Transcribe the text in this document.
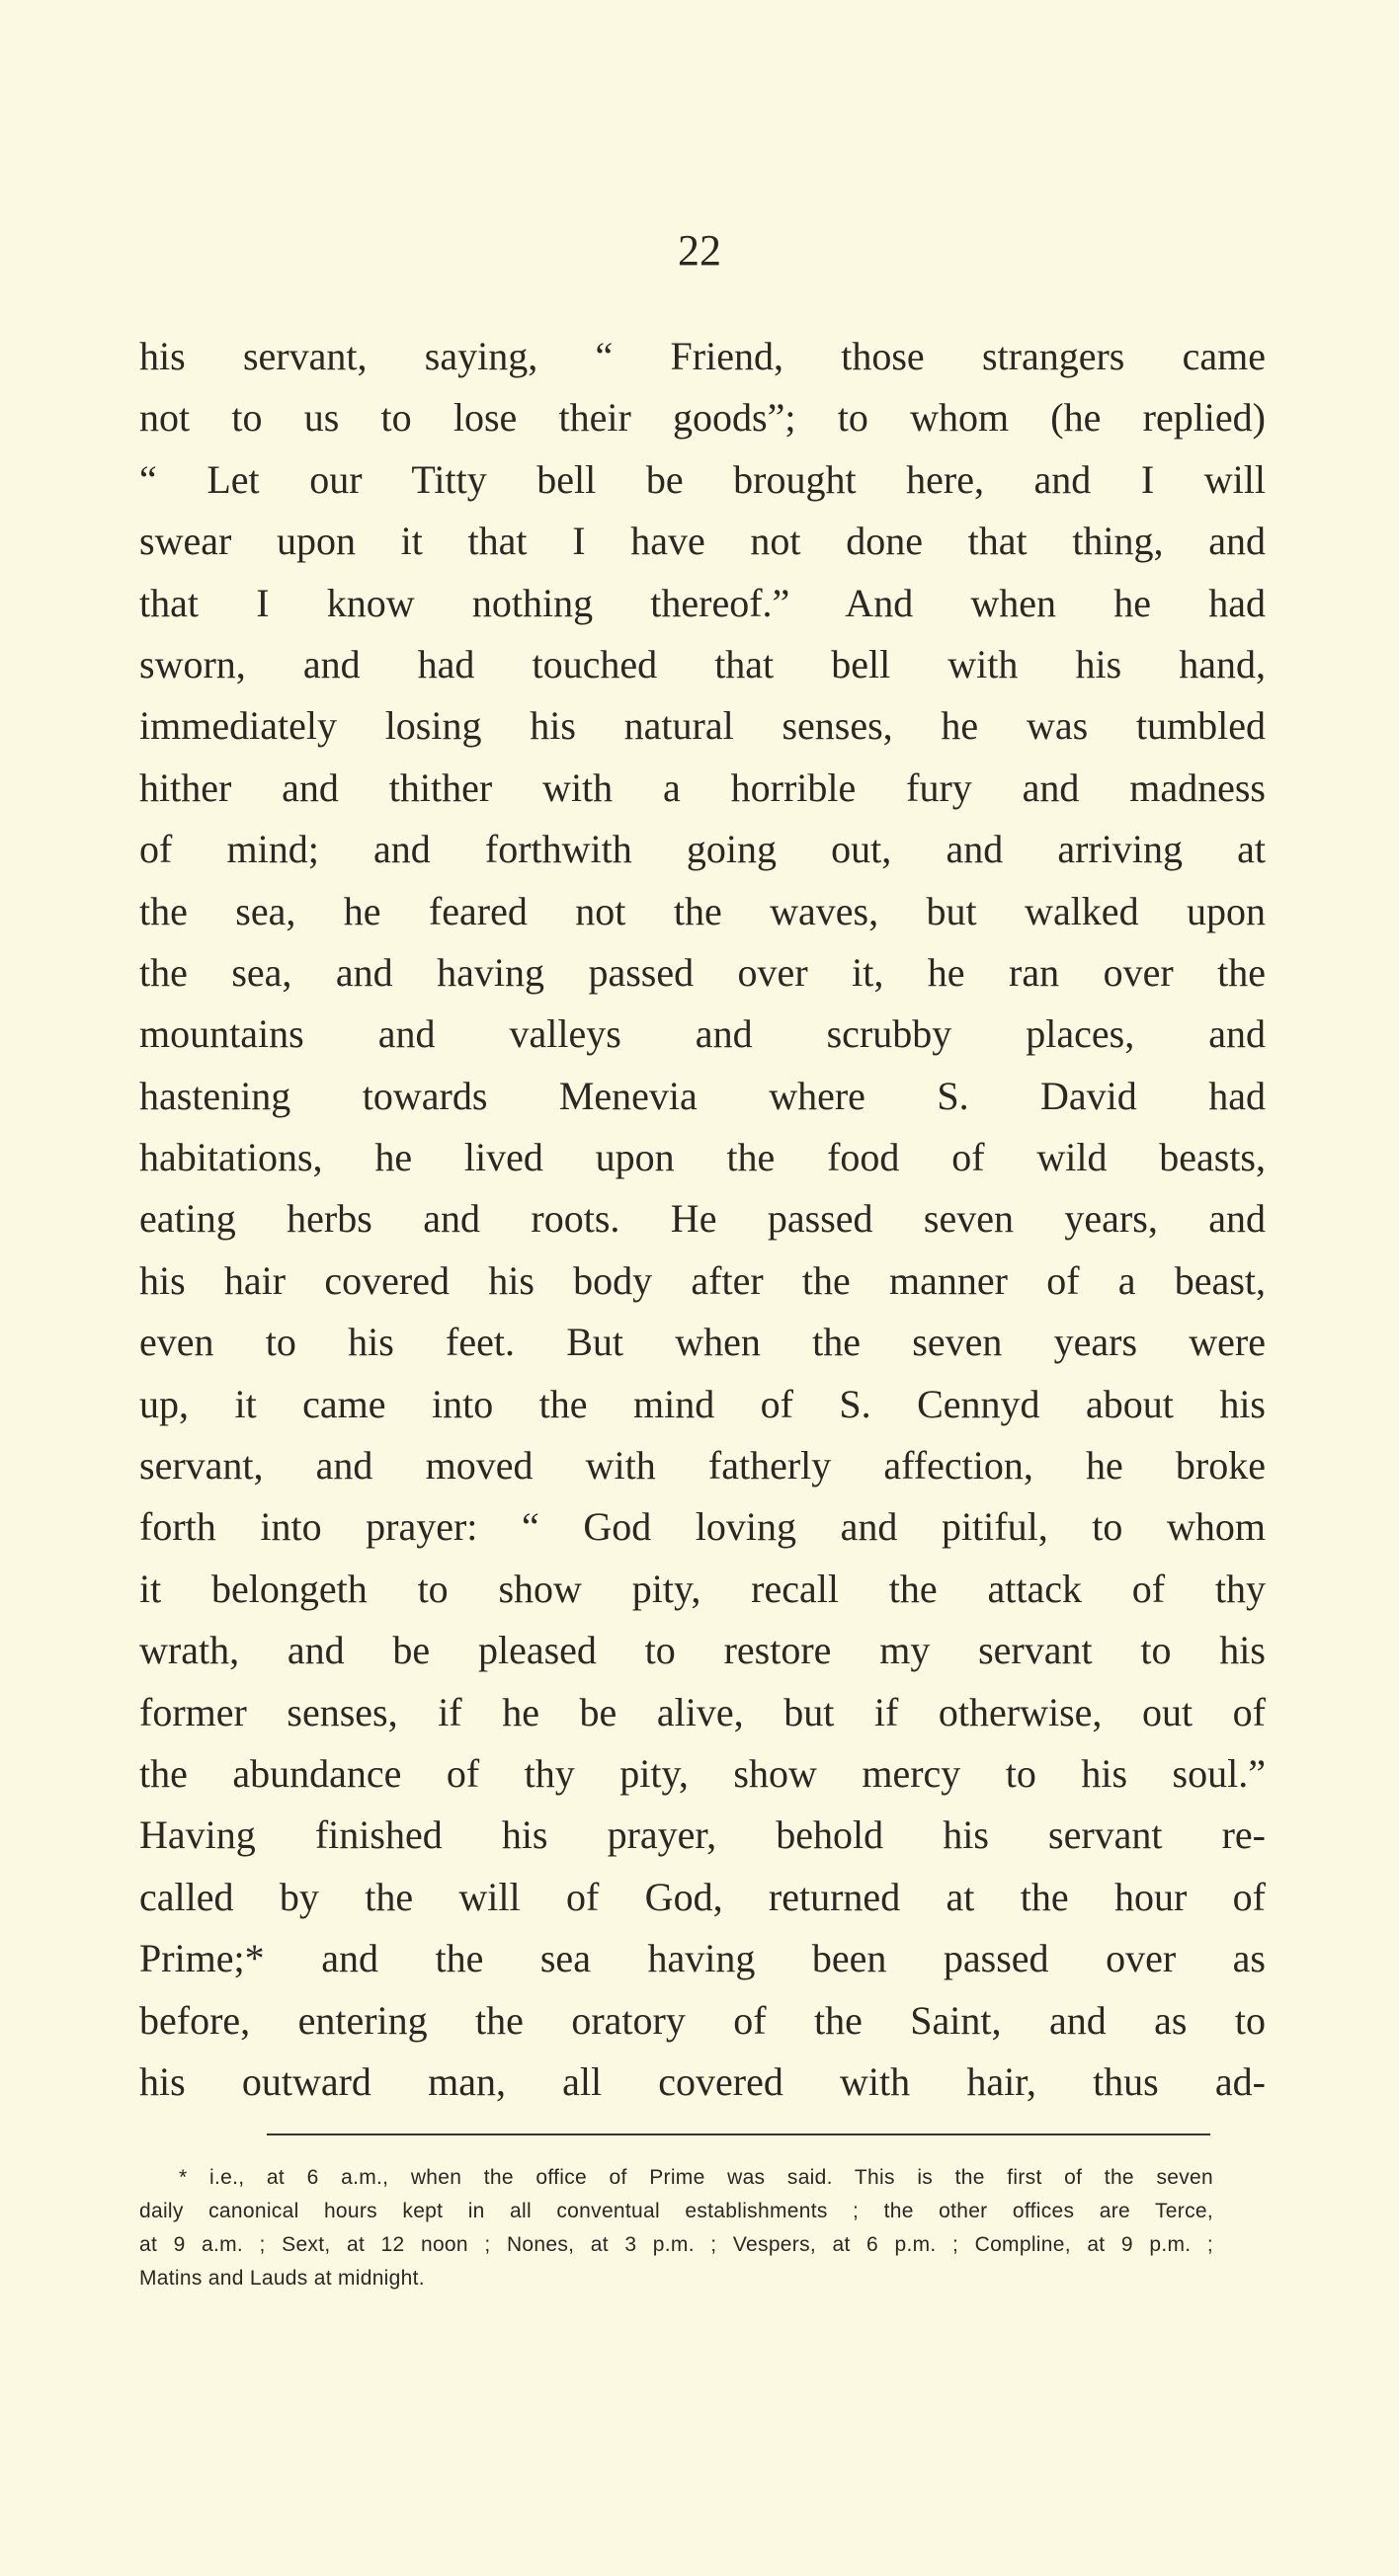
22
his servant, saying, “ Friend, those strangers came
not to us to lose their goods”; to whom (he replied)
“ Let our Titty bell be brought here, and I will
swear upon it that I have not done that thing, and
that I know nothing thereof.” And when he had
sworn, and had touched that bell with his hand,
immediately losing his natural senses, he was tumbled
hither and thither with a horrible fury and madness
of mind; and forthwith going out, and arriving at
the sea, he feared not the waves, but walked upon
the sea, and having passed over it, he ran over the
mountains and valleys and scrubby places, and
hastening towards Menevia where S. David had
habitations, he lived upon the food of wild beasts,
eating herbs and roots. He passed seven years, and
his hair covered his body after the manner of a beast,
even to his feet. But when the seven years were
up, it came into the mind of S. Cennyd about his
servant, and moved with fatherly affection, he broke
forth into prayer: “ God loving and pitiful, to whom
it belongeth to show pity, recall the attack of thy
wrath, and be pleased to restore my servant to his
former senses, if he be alive, but if otherwise, out of
the abundance of thy pity, show mercy to his soul.”
Having finished his prayer, behold his servant re-
called by the will of God, returned at the hour of
Prime;* and the sea having been passed over as
before, entering the oratory of the Saint, and as to
his outward man, all covered with hair, thus ad-
* i.e., at 6 a.m., when the office of Prime was said. This is the first of the seven
daily canonical hours kept in all conventual establishments ; the other offices are Terce,
at 9 a.m. ; Sext, at 12 noon ; Nones, at 3 p.m. ; Vespers, at 6 p.m. ; Compline, at 9 p.m. ;
Matins and Lauds at midnight.
